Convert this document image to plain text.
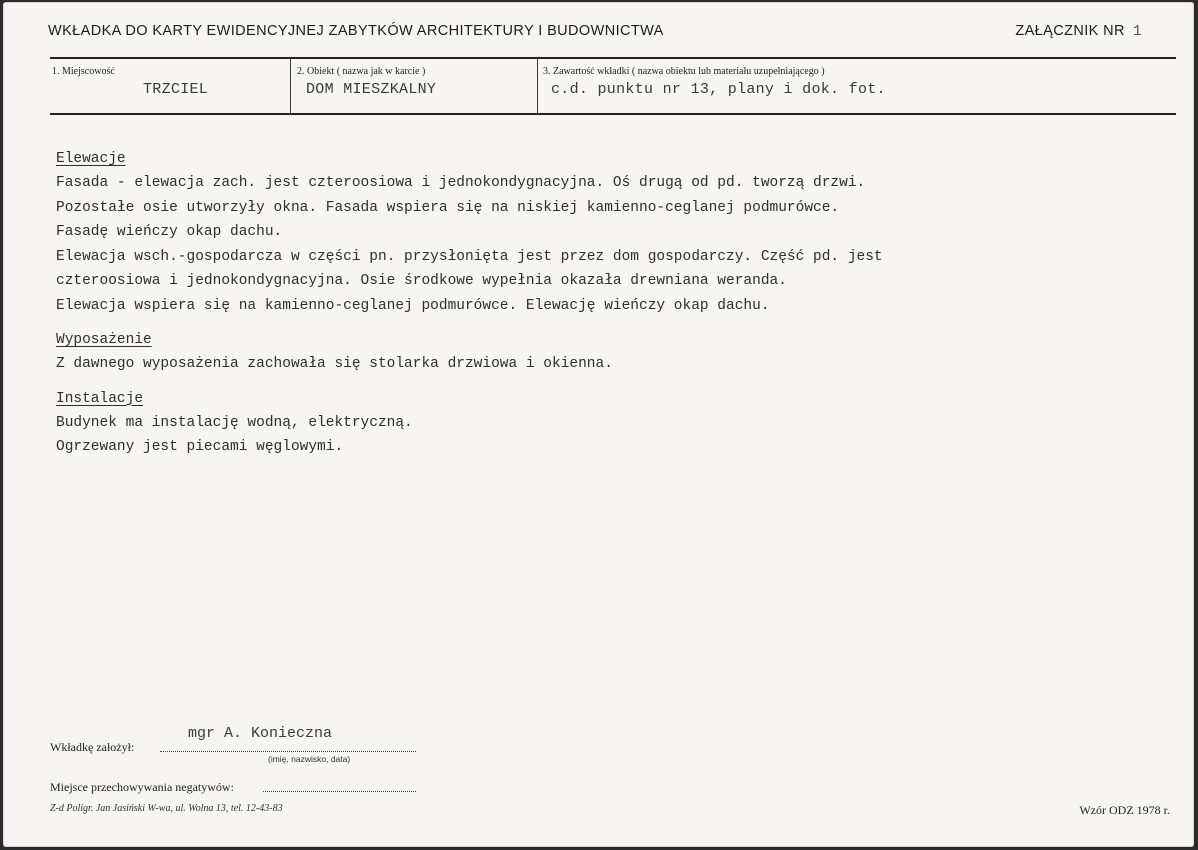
WKŁADKA DO KARTY EWIDENCYJNEJ ZABYTKÓW ARCHITEKTURY I BUDOWNICTWA	ZAŁĄCZNIK NR 1
1. Miejscowość
TRZCIEL
2. Obiekt ( nazwa jak w karcie )
DOM MIESZKALNY
3. Zawartość wkładki ( nazwa obiektu lub materiału uzupełniającego )
c.d. punktu nr 13, plany i dok. fot.
Elewacje
Fasada - elewacja zach. jest czteroosiowa i jednokondygnacyjna. Oś drugą od pd. tworzą drzwi.
Pozostałe osie utworzyły okna. Fasada wspiera się na niskiej kamienno-ceglanej podmurówce.
Fasadę wieńczy okap dachu.
Elewacja wsch.-gospodarcza w części pn. przysłonięta jest przez dom gospodarczy. Część pd. jest
czteroosiowa i jednokondygnacyjna. Osie środkowe wypełnia okazała drewniana weranda.
Elewacja wspiera się na kamienno-ceglanej podmurówce. Elewację wieńczy okap dachu.
Wyposażenie
Z dawnego wyposażenia zachowała się stolarka drzwiowa i okienna.
Instalacje
Budynek ma instalację wodną, elektryczną.
Ogrzewany jest piecami węglowymi.
mgr A. Konieczna
Wkładkę założył:
(imię, nazwisko, data)
Miejsce przechowywania negatywów:
Z-d Poligr. Jan Jasiński W-wa, ul. Wolna 13, tel. 12-43-83	Wzór ODZ 1978 r.
